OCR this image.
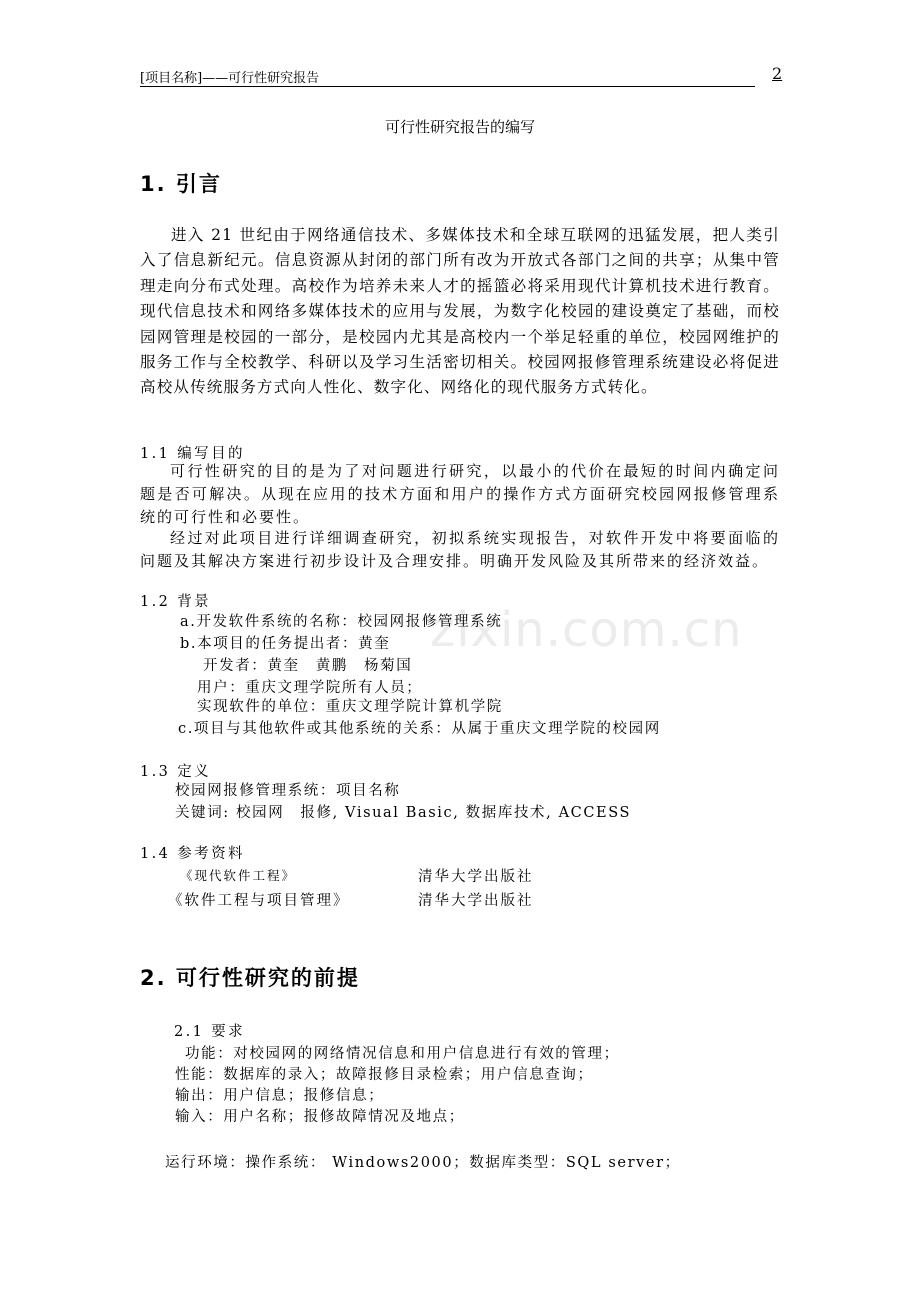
[项目名称]——可行性研究报告	2
可行性研究报告的编写
zixin.com.cn
1. 引言

进入 21 世纪由于网络通信技术、多媒体技术和全球互联网的迅猛发展，把人类引入了信息新纪元。信息资源从封闭的部门所有改为开放式各部门之间的共享；从集中管理走向分布式处理。高校作为培养未来人才的摇篮必将采用现代计算机技术进行教育。现代信息技术和网络多媒体技术的应用与发展，为数字化校园的建设奠定了基础，而校园网管理是校园的一部分，是校园内尤其是高校内一个举足轻重的单位，校园网维护的服务工作与全校教学、科研以及学习生活密切相关。校园网报修管理系统建设必将促进高校从传统服务方式向人性化、数字化、网络化的现代服务方式转化。

1.1 编写目的

可行性研究的目的是为了对问题进行研究，以最小的代价在最短的时间内确定问题是否可解决。从现在应用的技术方面和用户的操作方式方面研究校园网报修管理系统的可行性和必要性。

经过对此项目进行详细调查研究，初拟系统实现报告，对软件开发中将要面临的问题及其解决方案进行初步设计及合理安排。明确开发风险及其所带来的经济效益。

1.2 背景
a.开发软件系统的名称：校园网报修管理系统
b.本项目的任务提出者：黄奎
开发者：黄奎　黄鹏　杨菊国
用户：重庆文理学院所有人员；
实现软件的单位：重庆文理学院计算机学院
c.项目与其他软件或其他系统的关系：从属于重庆文理学院的校园网
1.3 定义
校园网报修管理系统：项目名称
关键词: 校园网　报修, Visual Basic, 数据库技术, ACCESS
1.4 参考资料
《现代软件工程》	清华大学出版社
《软件工程与项目管理》	清华大学出版社
2. 可行性研究的前提
2.1 要求
功能：对校园网的网络情况信息和用户信息进行有效的管理；
性能：数据库的录入；故障报修目录检索；用户信息查询；
输出：用户信息；报修信息；
输入：用户名称；报修故障情况及地点；
运行环境：操作系统： Windows2000；数据库类型：SQL server；
